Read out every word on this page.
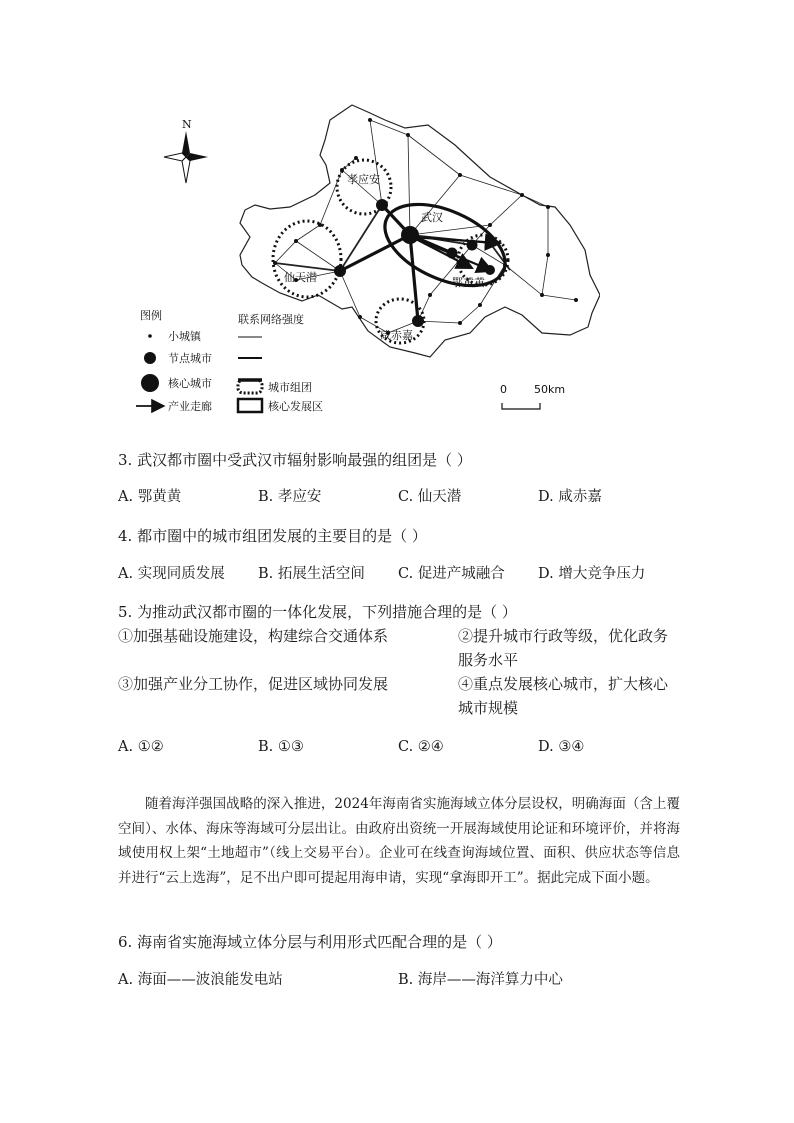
N
武汉
孝应安
仙天潜	鄂黄黄
咸赤嘉
图例	联系网络强度
小城镇
节点城市
核心城市
产业走廊
城市组团
核心发展区
0 50km

3. 武汉都市圈中受武汉市辐射影响最强的组团是（ ）

A. 鄂黄黄	B. 孝应安	C. 仙天潜	D. 咸赤嘉

4. 都市圈中的城市组团发展的主要目的是（ ）

A. 实现同质发展 B. 拓展生活空间 C. 促进产城融合 D. 增大竞争压力

5. 为推动武汉都市圈的一体化发展，下列措施合理的是（ ）

①加强基础设施建设，构建综合交通体系	②提升城市行政等级，优化政务服务水平
③加强产业分工协作，促进区域协同发展	④重点发展核心城市，扩大核心城市规模
A. ①②	B. ①③	C. ②④	D. ③④

随着海洋强国战略的深入推进，2024年海南省实施海域立体分层设权，明确海面（含上覆空间）、水体、海床等海域可分层出让。由政府出资统一开展海域使用论证和环境评价，并将海域使用权上架“土地超市”（线上交易平台）。企业可在线查询海域位置、面积、供应状态等信息并进行“云上选海”，足不出户即可提起用海申请，实现“拿海即开工”。据此完成下面小题。

6. 海南省实施海域立体分层与利用形式匹配合理的是（ ）

A. 海面——波浪能发电站	B. 海岸——海洋算力中心
